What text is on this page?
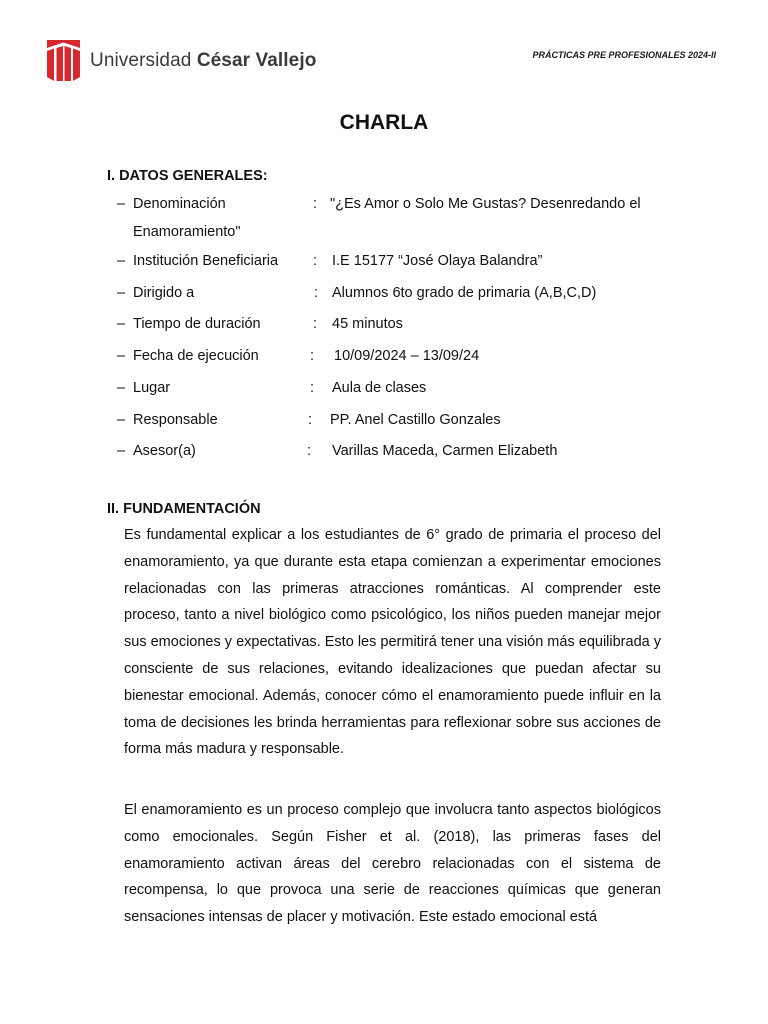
Universidad César Vallejo	PRÁCTICAS PRE PROFESIONALES 2024-II
CHARLA
I. DATOS GENERALES:
– Denominación	: "¿Es Amor o Solo Me Gustas? Desenredando el
Enamoramiento"
– Institución Beneficiaria : I.E 15177 “José Olaya Balandra”
– Dirigido a	: Alumnos 6to grado de primaria (A,B,C,D)
– Tiempo de duración	: 45 minutos
– Fecha de ejecución	: 10/09/2024 – 13/09/24
– Lugar	: Aula de clases
– Responsable	: PP. Anel Castillo Gonzales
– Asesor(a)	: Varillas Maceda, Carmen Elizabeth
II. FUNDAMENTACIÓN

Es fundamental explicar a los estudiantes de 6° grado de primaria el proceso del enamoramiento, ya que durante esta etapa comienzan a experimentar emociones relacionadas con las primeras atracciones románticas. Al comprender este proceso, tanto a nivel biológico como psicológico, los niños pueden manejar mejor sus emociones y expectativas. Esto les permitirá tener una visión más equilibrada y consciente de sus relaciones, evitando idealizaciones que puedan afectar su bienestar emocional. Además, conocer cómo el enamoramiento puede influir en la toma de decisiones les brinda herramientas para reflexionar sobre sus acciones de forma más madura y responsable.

El enamoramiento es un proceso complejo que involucra tanto aspectos biológicos como emocionales. Según Fisher et al. (2018), las primeras fases del enamoramiento activan áreas del cerebro relacionadas con el sistema de recompensa, lo que provoca una serie de reacciones químicas que generan sensaciones intensas de placer y motivación. Este estado emocional está
